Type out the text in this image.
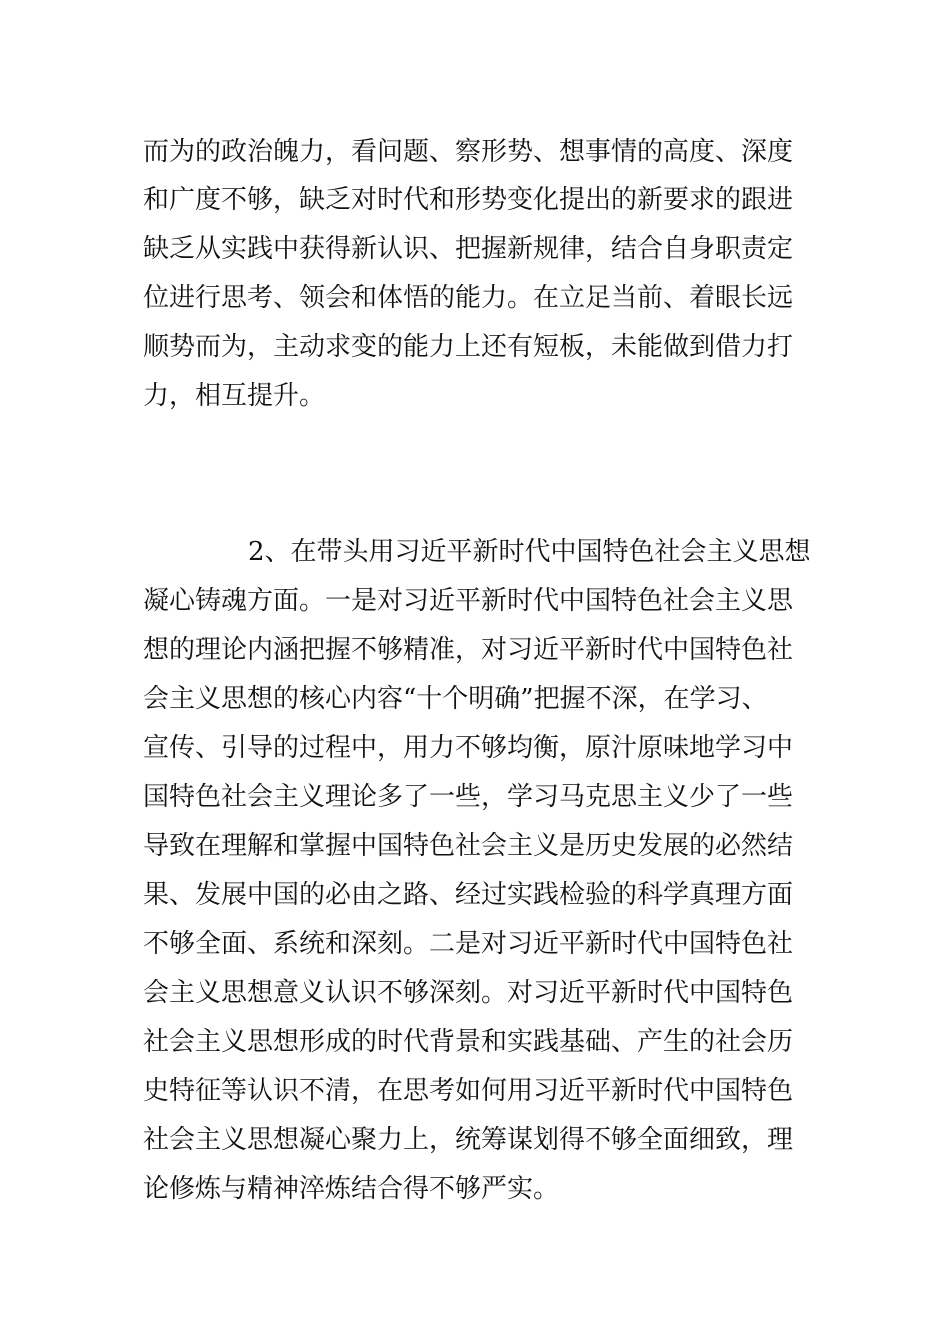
而为的政治魄力，看问题、察形势、想事情的高度、深度
和广度不够，缺乏对时代和形势变化提出的新要求的跟进
缺乏从实践中获得新认识、把握新规律，结合自身职责定
位进行思考、领会和体悟的能力。在立足当前、着眼长远
顺势而为，主动求变的能力上还有短板，未能做到借力打
力，相互提升。
2、在带头用习近平新时代中国特色社会主义思想
凝心铸魂方面。一是对习近平新时代中国特色社会主义思
想的理论内涵把握不够精准，对习近平新时代中国特色社
会主义思想的核心内容“十个明确”把握不深，在学习、
宣传、引导的过程中，用力不够均衡，原汁原味地学习中
国特色社会主义理论多了一些，学习马克思主义少了一些
导致在理解和掌握中国特色社会主义是历史发展的必然结
果、发展中国的必由之路、经过实践检验的科学真理方面
不够全面、系统和深刻。二是对习近平新时代中国特色社
会主义思想意义认识不够深刻。对习近平新时代中国特色
社会主义思想形成的时代背景和实践基础、产生的社会历
史特征等认识不清，在思考如何用习近平新时代中国特色
社会主义思想凝心聚力上，统筹谋划得不够全面细致，理
论修炼与精神淬炼结合得不够严实。
